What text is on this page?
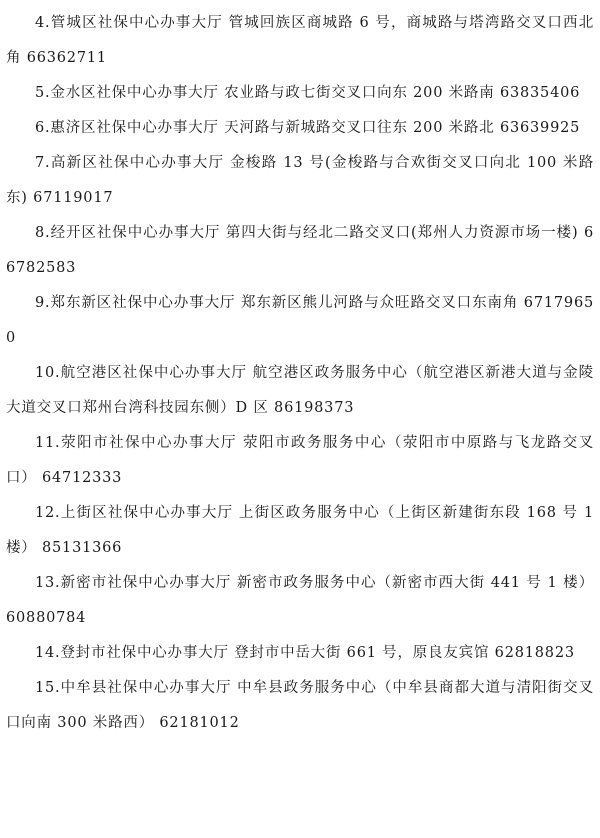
4.管城区社保中心办事大厅 管城回族区商城路 6 号，商城路与塔湾路交叉口西北角 66362711

5.金水区社保中心办事大厅 农业路与政七街交叉口向东 200 米路南 63835406

6.惠济区社保中心办事大厅 天河路与新城路交叉口往东 200 米路北 63639925

7.高新区社保中心办事大厅 金梭路 13 号(金梭路与合欢街交叉口向北 100 米路东) 67119017

8.经开区社保中心办事大厅 第四大街与经北二路交叉口(郑州人力资源市场一楼) 66782583

9.郑东新区社保中心办事大厅 郑东新区熊儿河路与众旺路交叉口东南角 67179650

10.航空港区社保中心办事大厅 航空港区政务服务中心（航空港区新港大道与金陵大道交叉口郑州台湾科技园东侧）D 区 86198373

11.荥阳市社保中心办事大厅 荥阳市政务服务中心（荥阳市中原路与飞龙路交叉口） 64712333

12.上街区社保中心办事大厅 上街区政务服务中心（上街区新建街东段 168 号 1 楼） 85131366

13.新密市社保中心办事大厅 新密市政务服务中心（新密市西大街 441 号 1 楼） 60880784

14.登封市社保中心办事大厅 登封市中岳大街 661 号，原良友宾馆 62818823

15.中牟县社保中心办事大厅 中牟县政务服务中心（中牟县商都大道与清阳街交叉口向南 300 米路西） 62181012
